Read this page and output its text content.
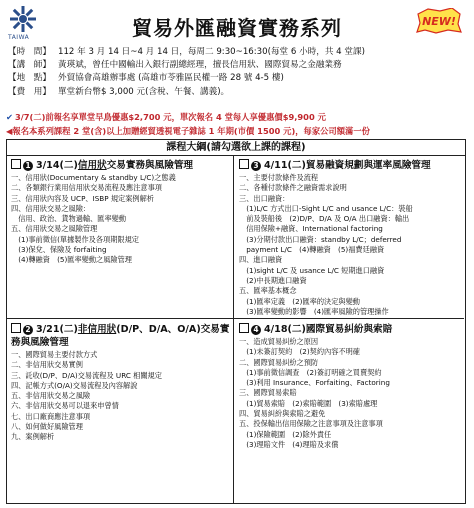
TAIWA	貿易外匯融資實務系列	NEW!
【時　間】 112 年 3 月 14 日~4 月 14 日，每周二 9:30~16:30(每堂 6 小時，共 4 堂課)
【講　師】 黃瑛斌，曾任中國輸出入銀行副總經理，擅長信用狀、國際貿易之金融業務
【地　點】 外貿協會高雄辦事處 (高雄市苓雅區民權一路 28 號 4-5 樓)
【費　用】 單堂新台幣$ 3,000 元(含稅、午餐、講義)。
✔ 3/7(二)前報名享單堂早鳥優惠$2,700 元，單次報名 4 堂每人享優惠價$9,900 元
◀報名本系列課程 2 堂(含)以上加贈經貿透視電子雜誌 1 年期(市價 1500 元)，每家公司額滿一份
課程大綱(請勾選欲上課的課程)
1 3/14(二)信用狀交易實務與風險管理
一、信用狀(Documentary & standby L/C)之態義
二、各類銀行業用信用狀交易流程及應注意事項
三、信用狀內容及 UCP、ISBP 規定案例解析
四、信用狀交易之風險：
　信用、政治、貨物過輸、匯率變動
五、信用狀交易之風險管理
　(1)事前徵信(單據製作及各項期限規定
　(3)保兌、保險及 forfaiting
　(4)轉融資　(5)匯率變動之風險管理
3 4/11(二)貿易融資規劃與運率風險管理
一、主要付款條件及流程
二、各種付款條件之融資需求說明
三、出口融資：
　(1)L/C 方式出口-Sight L/C and usance L/C：裝船
　前及裝船後　(2)D/P、D/A 及 O/A 出口融資：輸出
　信用保險+融資、International factoring
　(3)分期付款出口融資：standby L/C；deferred
　payment L/C　(4)轉融資　(5)福費廷融資
四、進口融資
　(1)sight L/C 及 usance L/C 短期進口融資
　(2)中長期進口融資
五、匯率基本概念
　(1)匯率定義　(2)匯率的決定與變動
　(3)匯率變動的影響　(4)匯率風險的管理操作
2 3/21(二)非信用狀(D/P、D/A、O/A)交易實務與風險管理
一、國際貿易主要付款方式
二、非信用狀交易實例
三、託收(D/P、D/A)交易流程及 URC 相關規定
四、記帳方式(O/A)交易流程及內容解說
五、非信用狀交易之風險
六、非信用狀交易可以退來申曾情
七、出口廠商應注意事項
八、如何做好風險管理
九、案例解析
4 4/18(二)國際貿易糾紛與索賠
一、造成貿易糾紛之原因
　(1)未簽訂契約　(2)契約內容不明確
二、國際貿易糾紛之預防
　(1)事前徵信調查　(2)簽訂明確之買賣契約
　(3)利用 Insurance、Forfaiting、Factoring
三、國際貿易索賠
　(1)貿易索賠　(2)索賠範圍　(3)索賠處理
四、貿易糾紛與索賠之避免
五、投保輸出信用保險之注意事項及注意事項
　(1)保險範圍　(2)除外責任
　(3)理賠文件　(4)理賠及求償
